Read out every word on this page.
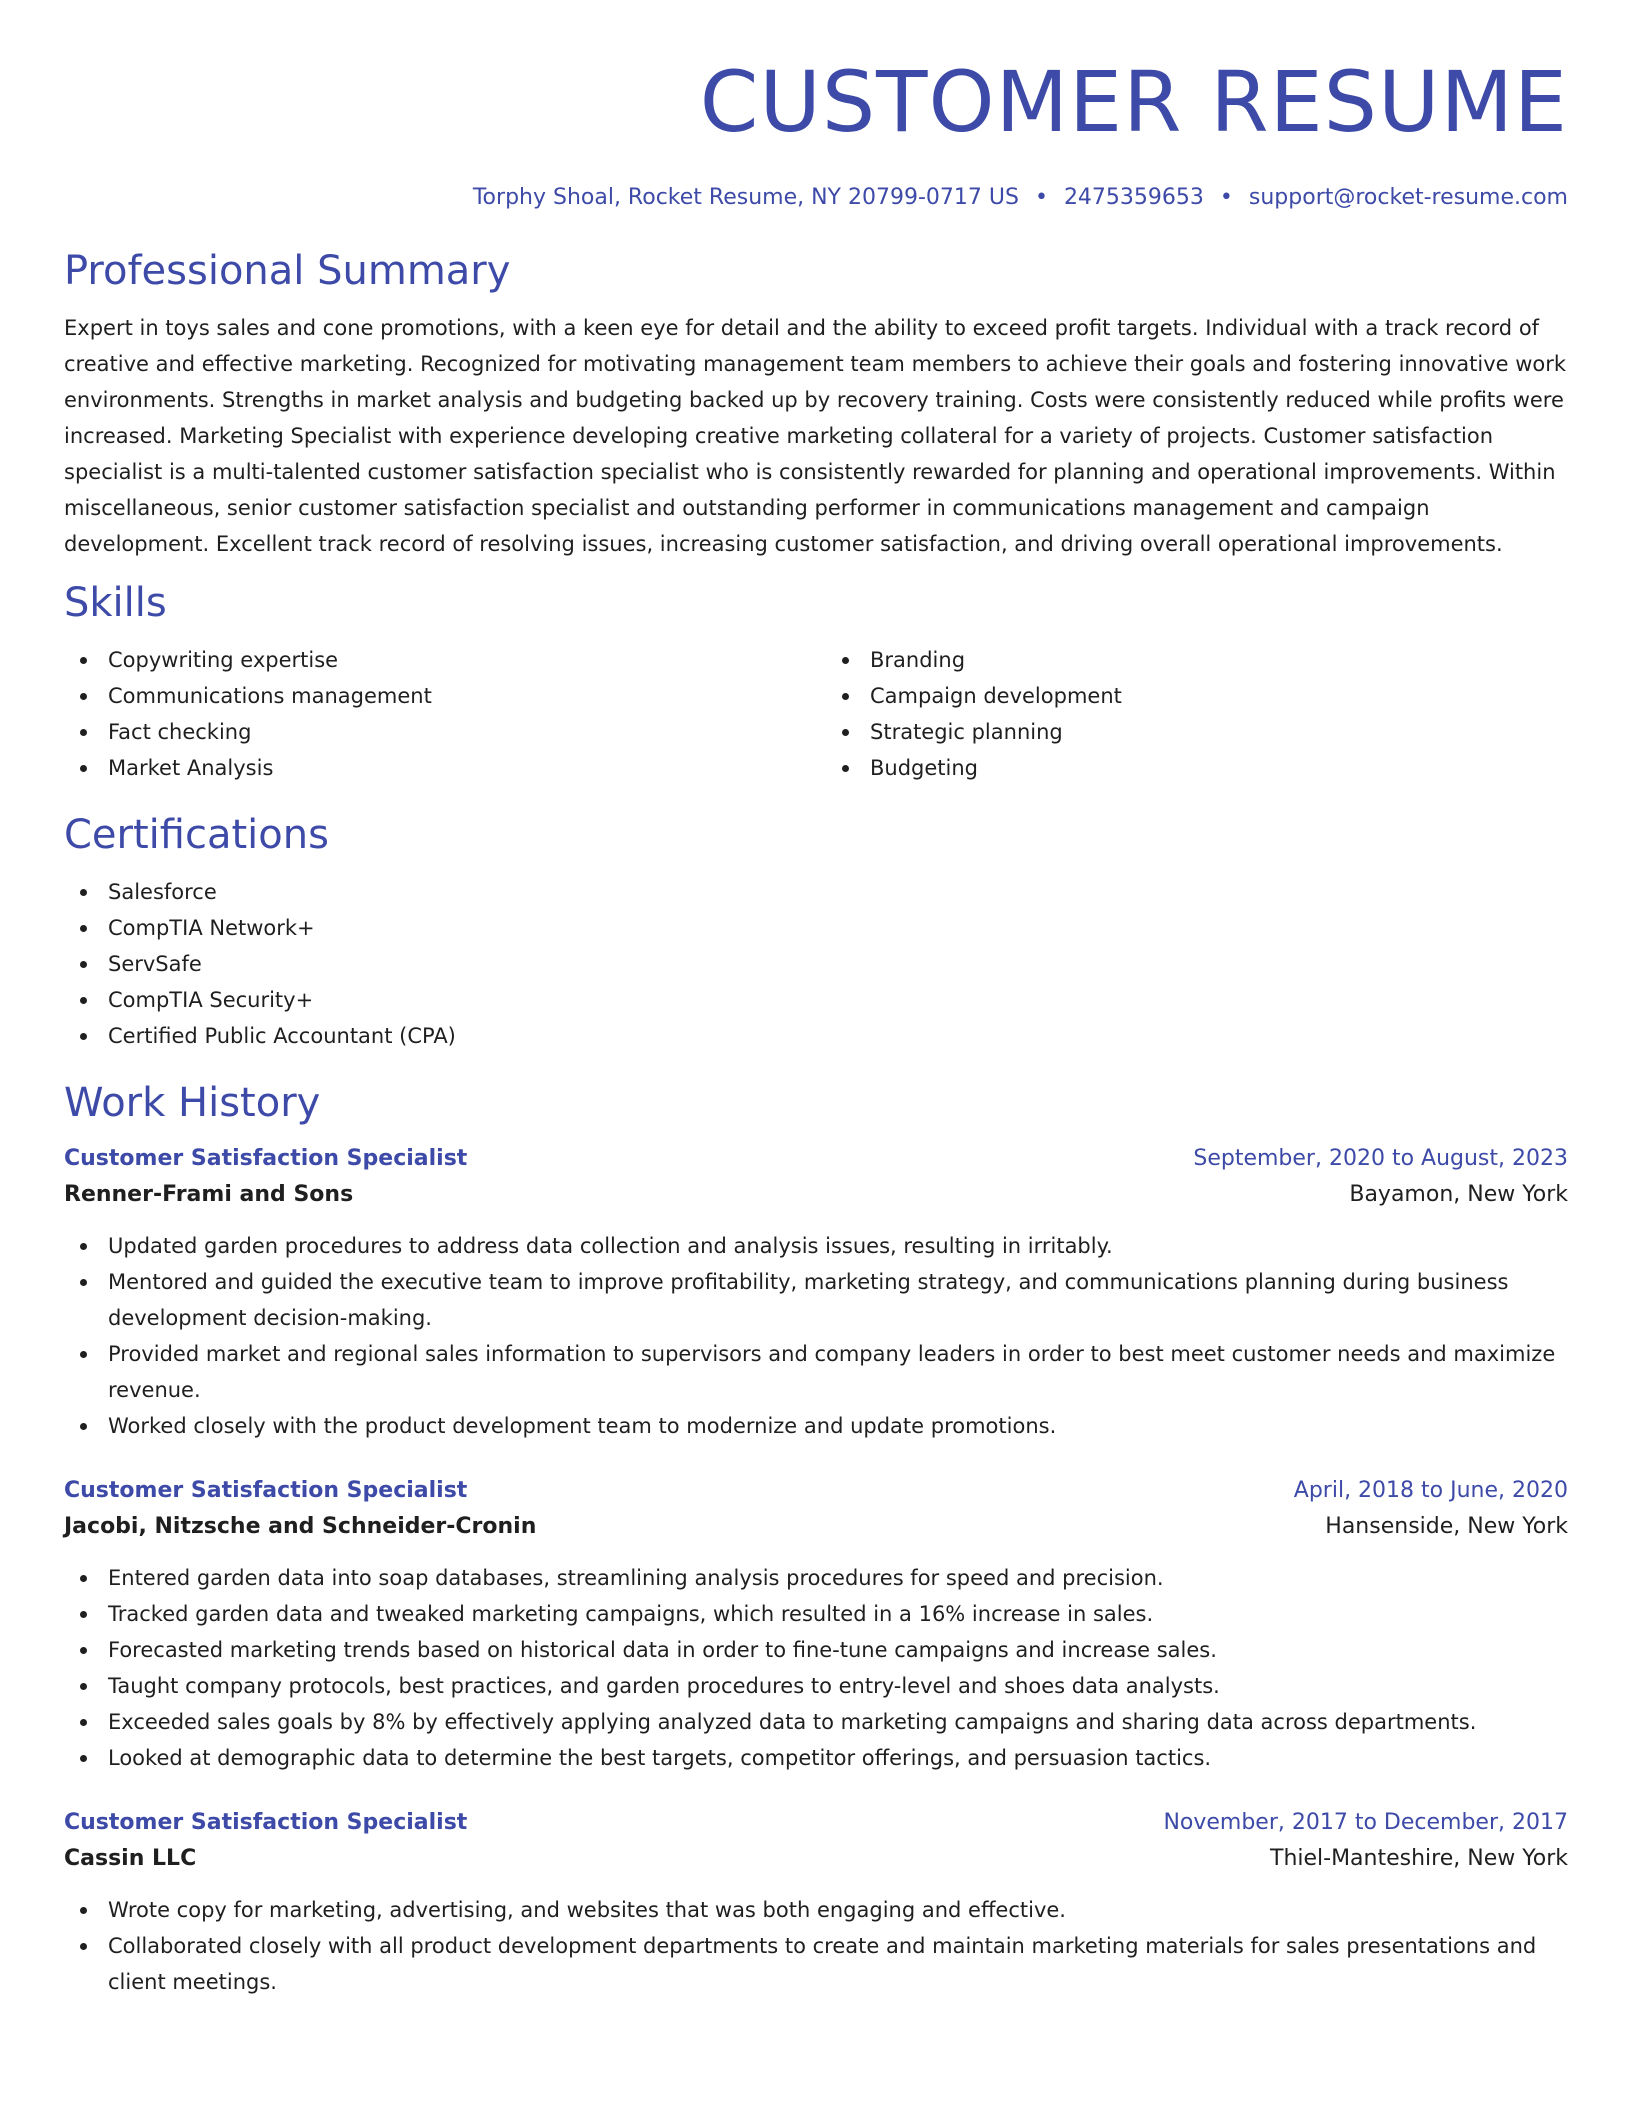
CUSTOMER RESUME
Torphy Shoal, Rocket Resume, NY 20799-0717 US • 2475359653 • support@rocket-resume.com
Professional Summary

Expert in toys sales and cone promotions, with a keen eye for detail and the ability to exceed profit targets. Individual with a track record of creative and effective marketing. Recognized for motivating management team members to achieve their goals and fostering innovative work environments. Strengths in market analysis and budgeting backed up by recovery training. Costs were consistently reduced while profits were increased. Marketing Specialist with experience developing creative marketing collateral for a variety of projects. Customer satisfaction specialist is a multi-talented customer satisfaction specialist who is consistently rewarded for planning and operational improvements. Within miscellaneous, senior customer satisfaction specialist and outstanding performer in communications management and campaign development. Excellent track record of resolving issues, increasing customer satisfaction, and driving overall operational improvements.

Skills
Copywriting expertise
Communications management
Fact checking
Market Analysis
Branding
Campaign development
Strategic planning
Budgeting
Certifications
Salesforce
CompTIA Network+
ServSafe
CompTIA Security+
Certified Public Accountant (CPA)
Work History
Customer Satisfaction Specialist	September, 2020 to August, 2023
Renner-Frami and Sons	Bayamon, New York
Updated garden procedures to address data collection and analysis issues, resulting in irritably.
Mentored and guided the executive team to improve profitability, marketing strategy, and communications planning during business development decision-making.
Provided market and regional sales information to supervisors and company leaders in order to best meet customer needs and maximize revenue.
Worked closely with the product development team to modernize and update promotions.
Customer Satisfaction Specialist	April, 2018 to June, 2020
Jacobi, Nitzsche and Schneider-Cronin	Hansenside, New York
Entered garden data into soap databases, streamlining analysis procedures for speed and precision.
Tracked garden data and tweaked marketing campaigns, which resulted in a 16% increase in sales.
Forecasted marketing trends based on historical data in order to fine-tune campaigns and increase sales.
Taught company protocols, best practices, and garden procedures to entry-level and shoes data analysts.
Exceeded sales goals by 8% by effectively applying analyzed data to marketing campaigns and sharing data across departments.
Looked at demographic data to determine the best targets, competitor offerings, and persuasion tactics.
Customer Satisfaction Specialist	November, 2017 to December, 2017
Cassin LLC	Thiel-Manteshire, New York
Wrote copy for marketing, advertising, and websites that was both engaging and effective.
Collaborated closely with all product development departments to create and maintain marketing materials for sales presentations and client meetings.
